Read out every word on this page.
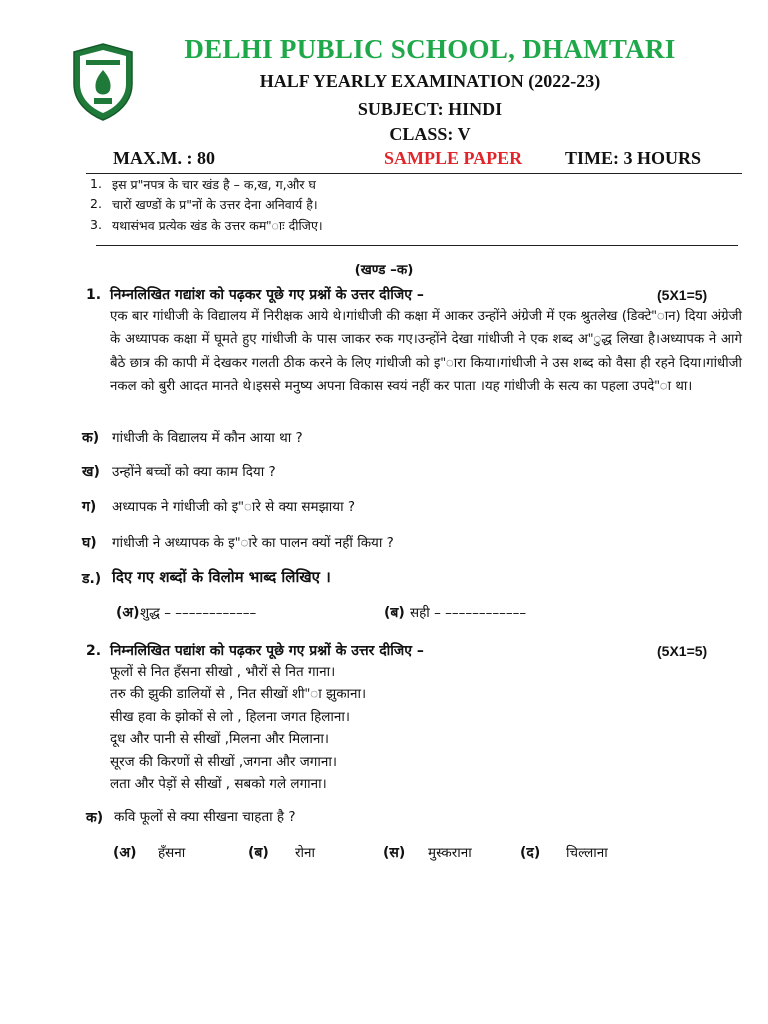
DELHI PUBLIC SCHOOL, DHAMTARI
HALF YEARLY EXAMINATION (2022-23)
SUBJECT: HINDI
CLASS: V
MAX.M. : 80	SAMPLE PAPER TIME: 3 HOURS
1. इस प्र"नपत्र के चार खंड है – क,ख, ग,और घ
2. चारों खण्डों के प्र"नों के उत्तर देना अनिवार्य है।
3. यथासंभव प्रत्येक खंड के उत्तर कम"ाः दीजिए।
(खण्ड –क)
1. निम्नलिखित गद्यांश को पढ़कर पूछे गए प्रश्नों के उत्तर दीजिए –	(5X1=5)
एक बार गांधीजी के विद्यालय में निरीक्षक आये थे।गांधीजी की कक्षा में आकर उन्होंने अंग्रेजी में एक श्रुतलेख (डिक्टे"ान) दिया अंग्रेजी के अध्यापक कक्षा में घूमते हुए गांधीजी के पास जाकर रुक गए।उन्होंने देखा गांधीजी ने एक शब्द अ"ुद्ध लिखा है।अध्यापक ने आगे बैठे छात्र की कापी में देखकर गलती ठीक करने के लिए गांधीजी को इ"ारा किया।गांधीजी ने उस शब्द को वैसा ही रहने दिया।गांधीजी नकल को बुरी आदत मानते थे।इससे मनुष्य अपना विकास स्वयं नहीं कर पाता ।यह गांधीजी के सत्य का पहला उपदे"ा था।
क) गांधीजी के विद्यालय में कौन आया था ?
ख) उन्होंने बच्चों को क्या काम दिया ?
ग) अध्यापक ने गांधीजी को इ"ारे से क्या समझाया ?
घ) गांधीजी ने अध्यापक के इ"ारे का पालन क्यों नहीं किया ?
ड.) दिए गए शब्दों के विलोम भाब्द लिखिए ।
(अ) शुद्ध – ––––––––––––	(ब) सही – ––––––––––––
2. निम्नलिखित पद्यांश को पढ़कर पूछे गए प्रश्नों के उत्तर दीजिए –	(5X1=5)
फूलों से नित हँसना सीखो , भौरों से नित गाना।
तरु की झुकी डालियों से , नित सीखों शी"ा झुकाना।
सीख हवा के झोकों से लो , हिलना जगत हिलाना।
दूध और पानी से सीखों ,मिलना और मिलाना।
सूरज की किरणों से सीखों ,जगना और जगाना।
लता और पेड़ों से सीखों , सबको गले लगाना।
क) कवि फूलों से क्या सीखना चाहता है ?
(अ) हँसना	(ब) रोना	(स) मुस्कराना	(द) चिल्लाना
